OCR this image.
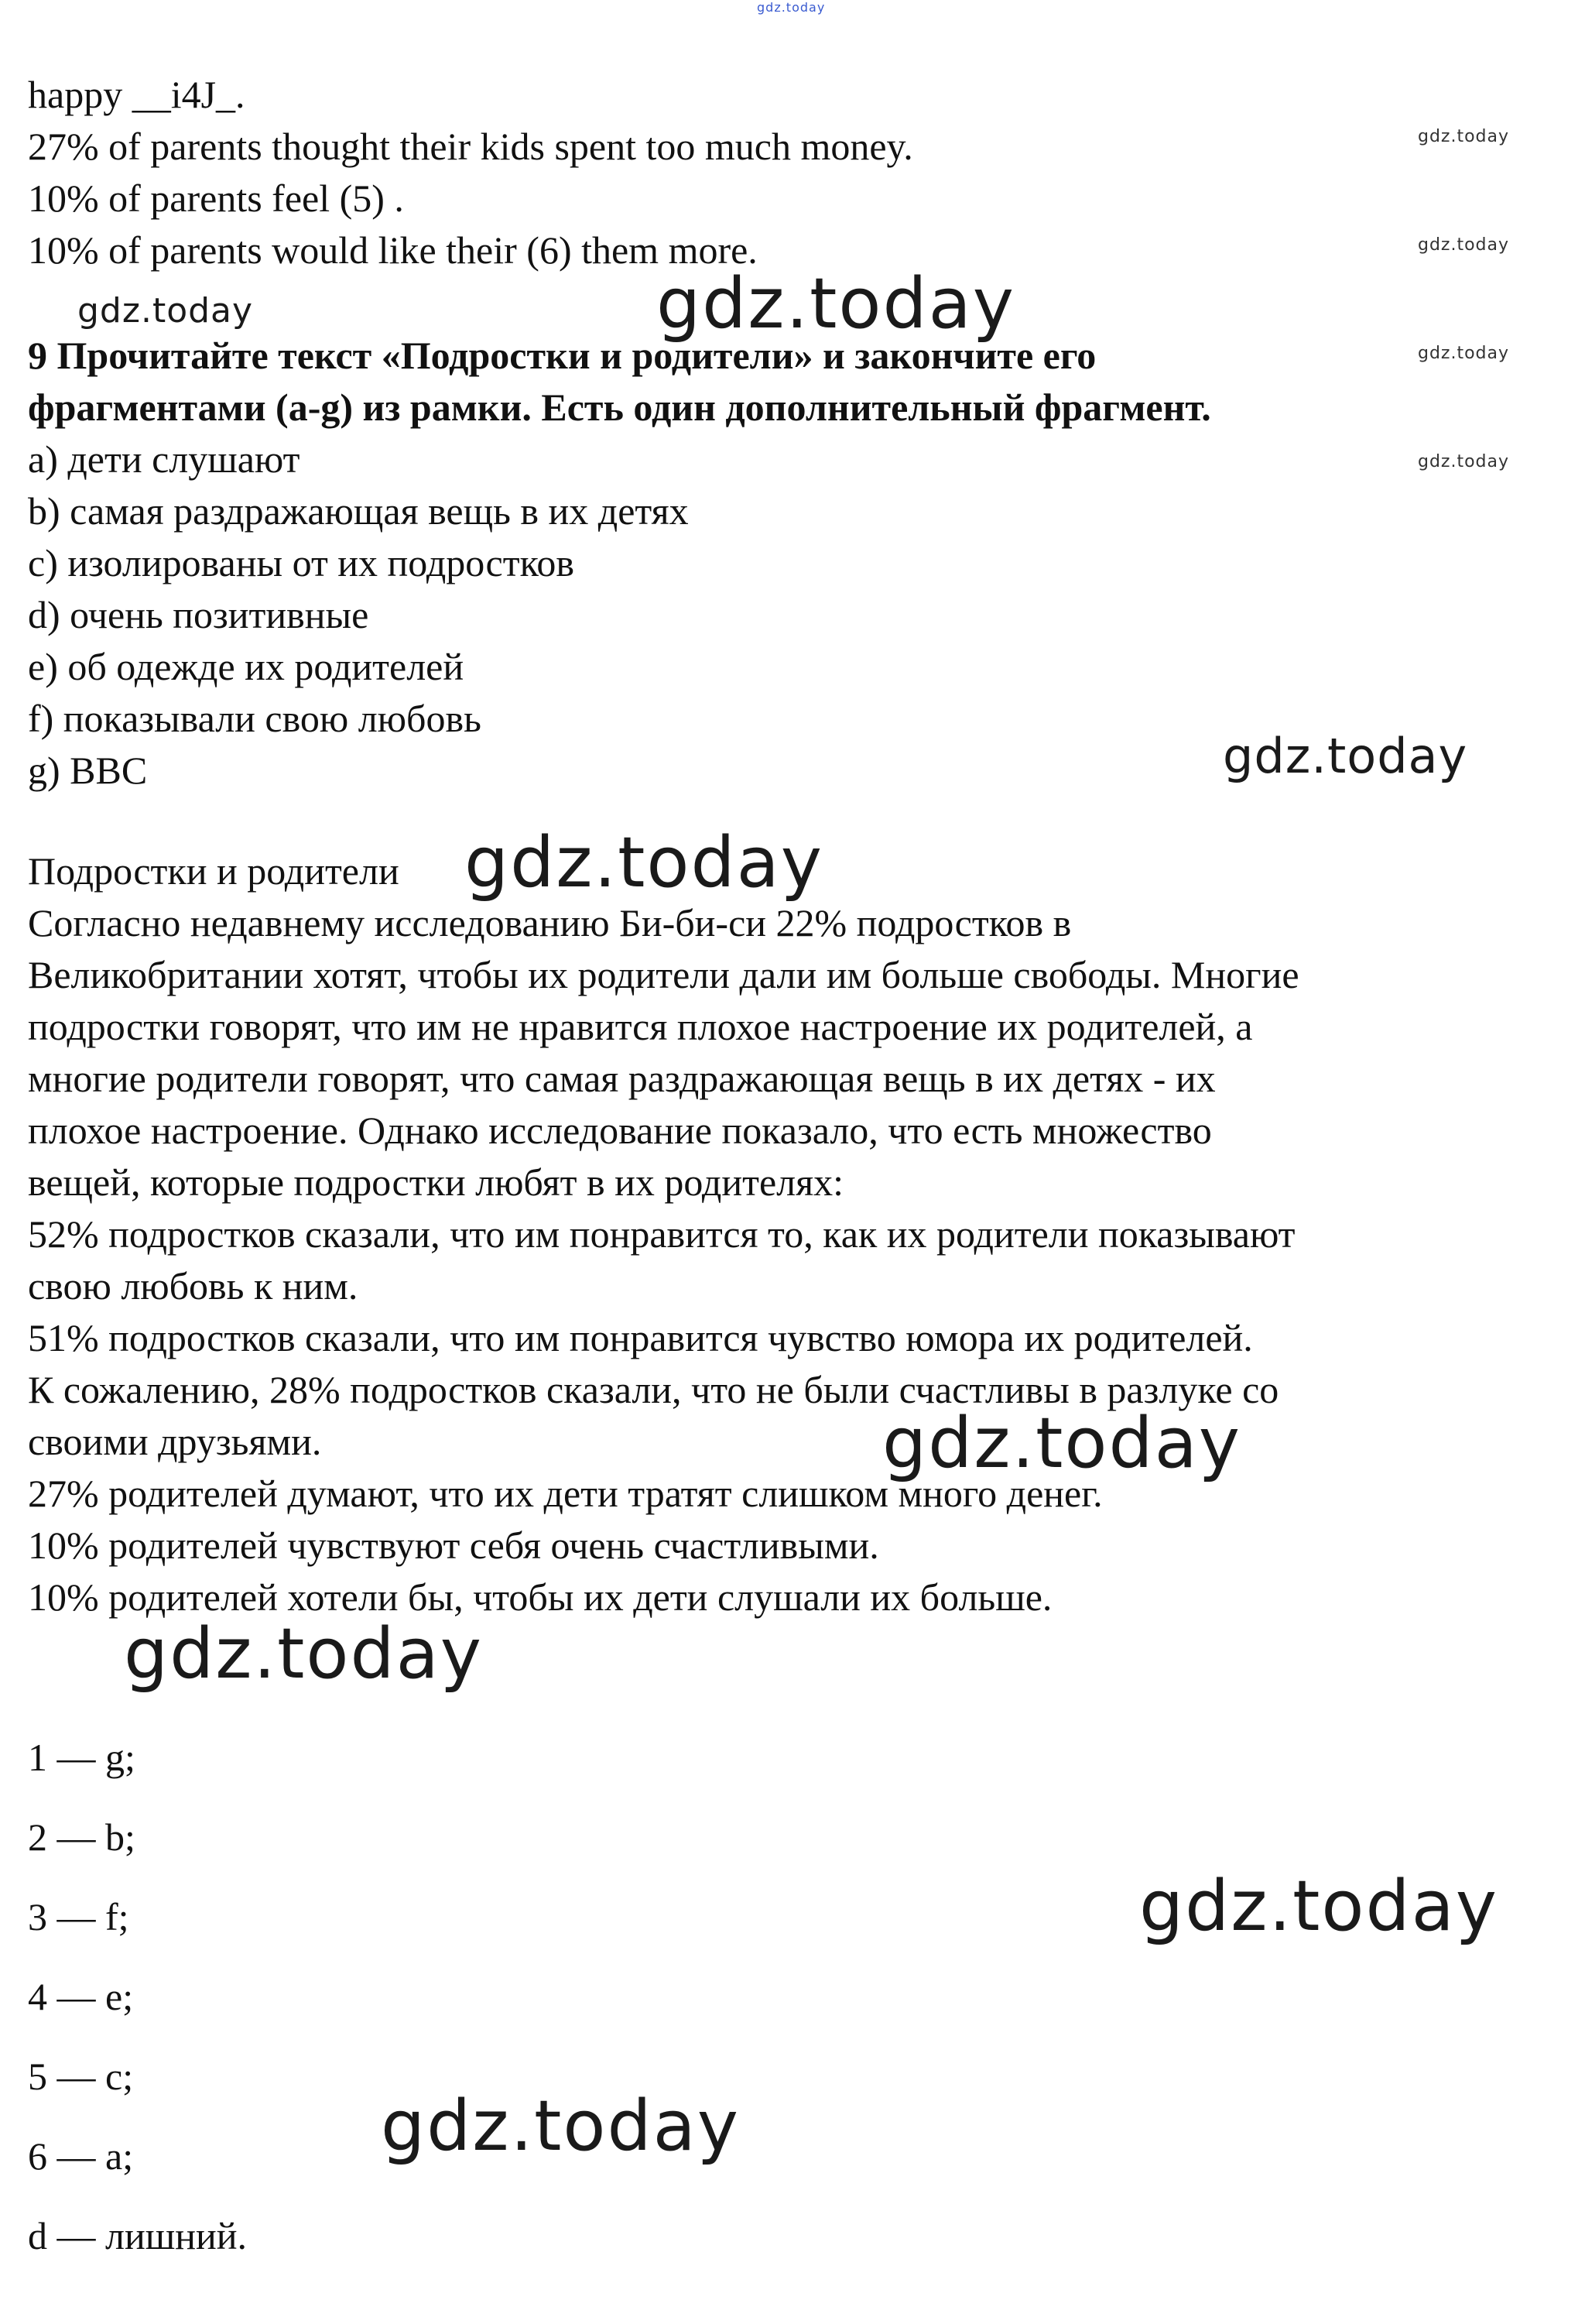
gdz.today
happy __i4J_.
27% of parents thought their kids spent too much money.
10% of parents feel (5) .
10% of parents would like their (6) them more.
9 Прочитайте текст «Подростки и родители» и закончите его
фрагментами (a-g) из рамки. Есть один дополнительный фрагмент.
a) дети слушают
b) самая раздражающая вещь в их детях
c) изолированы от их подростков
d) очень позитивные
e) об одежде их родителей
f) показывали свою любовь
g) BBC
Подростки и родители
Согласно недавнему исследованию Би-би-си 22% подростков в
Великобритании хотят, чтобы их родители дали им больше свободы. Многие
подростки говорят, что им не нравится плохое настроение их родителей, а
многие родители говорят, что самая раздражающая вещь в их детях - их
плохое настроение. Однако исследование показало, что есть множество
вещей, которые подростки любят в их родителях:
52% подростков сказали, что им понравится то, как их родители показывают
свою любовь к ним.
51% подростков сказали, что им понравится чувство юмора их родителей.
К сожалению, 28% подростков сказали, что не были счастливы в разлуке со
своими друзьями.
27% родителей думают, что их дети тратят слишком много денег.
10% родителей чувствуют себя очень счастливыми.
10% родителей хотели бы, чтобы их дети слушали их больше.
1 — g;
2 — b;
3 — f;
4 — e;
5 — c;
6 — a;
d — лишний.
gdz.today
gdz.today
gdz.today
gdz.today
gdz.today	gdz.today
gdz.today
gdz.today
gdz.today
gdz.today
gdz.today
gdz.today
